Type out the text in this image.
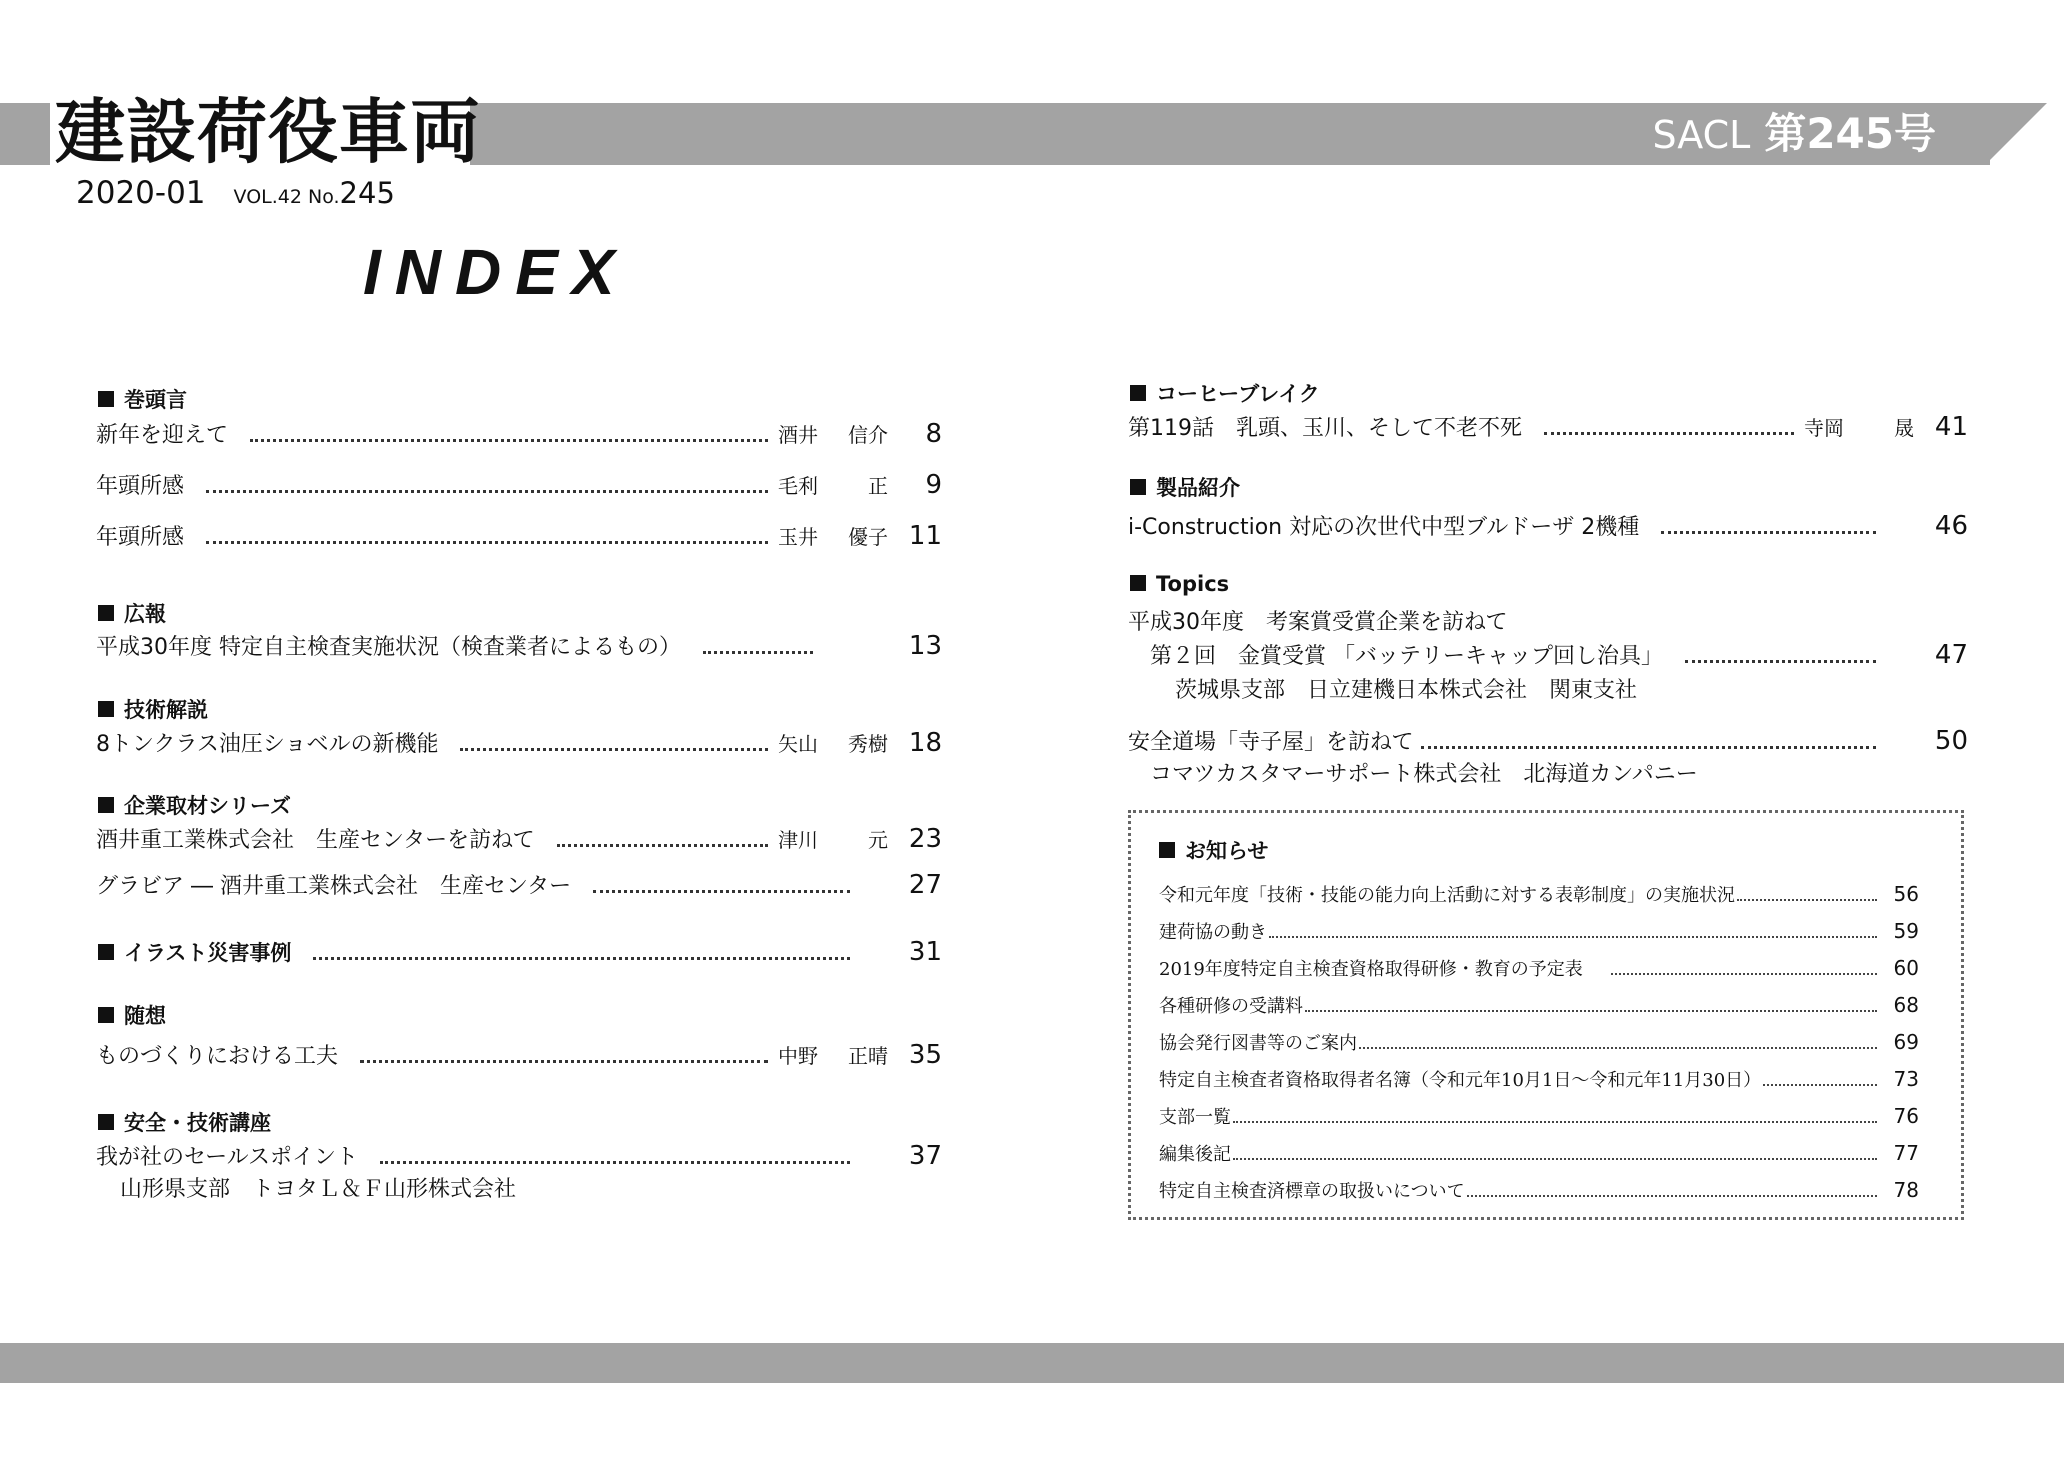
建設荷役車両	SACL 第245号
2020-01 VOL.42 No.245
INDEX
巻頭言
新年を迎えて	酒井 信介	8
年頭所感	毛利	正	9
年頭所感	玉井 優子 11
広報
平成30年度 特定自主検査実施状況（検査業者によるもの）	13
技術解説
8トンクラス油圧ショベルの新機能	矢山 秀樹 18
企業取材シリーズ
酒井重工業株式会社　生産センターを訪ねて	津川	元 23
グラビア ― 酒井重工業株式会社　生産センター	27
イラスト災害事例	31
随想
ものづくりにおける工夫	中野 正晴 35
安全・技術講座
我が社のセールスポイント	37
山形県支部　トヨタＬ＆Ｆ山形株式会社
コーヒーブレイク
第119話　乳頭、玉川、そして不老不死	寺岡	晟 41
製品紹介
i-Construction 対応の次世代中型ブルドーザ 2機種	46
Topics
平成30年度　考案賞受賞企業を訪ねて
第２回　金賞受賞 「バッテリーキャップ回し治具」	47
茨城県支部　日立建機日本株式会社　関東支社
安全道場「寺子屋」を訪ねて	50
コマツカスタマーサポート株式会社　北海道カンパニー
お知らせ
令和元年度「技術・技能の能力向上活動に対する表彰制度」の実施状況	56
建荷協の動き	59
2019年度特定自主検査資格取得研修・教育の予定表	60
各種研修の受講料	68
協会発行図書等のご案内	69
特定自主検査者資格取得者名簿（令和元年10月1日～令和元年11月30日）	73
支部一覧	76
編集後記	77
特定自主検査済標章の取扱いについて	78
